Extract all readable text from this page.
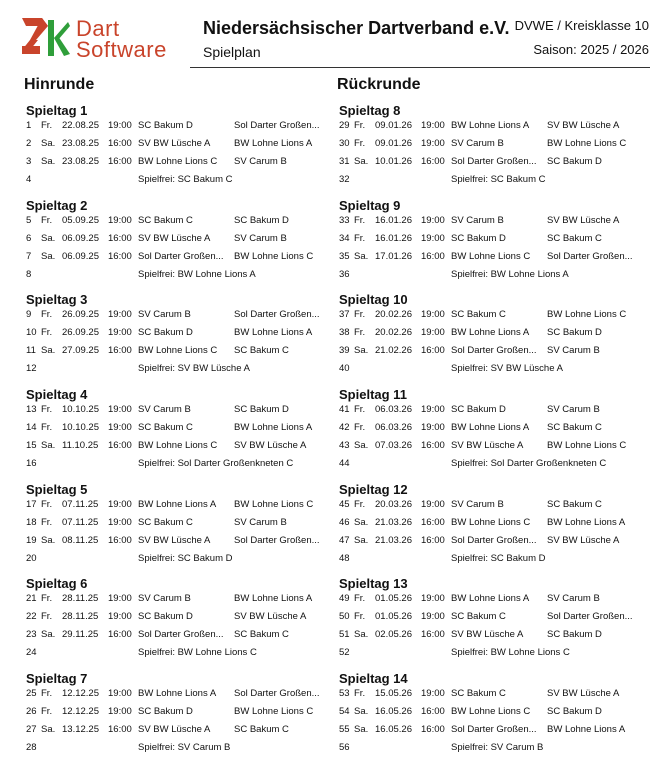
Dart
Software
Niedersächsischer Dartverband e.V.
Spielplan
DVWE / Kreisklasse 10
Saison: 2025 / 2026
Hinrunde	Rückrunde
Spieltag 1
1	Fr.	22.08.25 19:00 SC Bakum D	Sol Darter Großen...
2	Sa. 23.08.25 16:00 SV BW Lüsche A	BW Lohne Lions A
3	Sa. 23.08.25 16:00 BW Lohne Lions C	SV Carum B
4	Spielfrei: SC Bakum C
Spieltag 2
5	Fr.	05.09.25 19:00 SC Bakum C	SC Bakum D
6	Sa. 06.09.25 16:00 SV BW Lüsche A	SV Carum B
7	Sa. 06.09.25 16:00 Sol Darter Großen...	BW Lohne Lions C
8	Spielfrei: BW Lohne Lions A
Spieltag 3
9	Fr.	26.09.25 19:00 SV Carum B	Sol Darter Großen...
10 Fr.	26.09.25 19:00 SC Bakum D	BW Lohne Lions A
11 Sa. 27.09.25 16:00 BW Lohne Lions C	SC Bakum C
12	Spielfrei: SV BW Lüsche A
Spieltag 4
13 Fr.	10.10.25 19:00 SV Carum B	SC Bakum D
14 Fr.	10.10.25 19:00 SC Bakum C	BW Lohne Lions A
15 Sa. 11.10.25	16:00 BW Lohne Lions C	SV BW Lüsche A
16	Spielfrei: Sol Darter Großenkneten C
Spieltag 5
17 Fr.	07.11.25	19:00 BW Lohne Lions A	BW Lohne Lions C
18 Fr.	07.11.25	19:00 SC Bakum C	SV Carum B
19 Sa. 08.11.25	16:00 SV BW Lüsche A	Sol Darter Großen...
20	Spielfrei: SC Bakum D
Spieltag 6
21 Fr.	28.11.25	19:00 SV Carum B	BW Lohne Lions A
22 Fr.	28.11.25	19:00 SC Bakum D	SV BW Lüsche A
23 Sa. 29.11.25	16:00 Sol Darter Großen...	SC Bakum C
24	Spielfrei: BW Lohne Lions C
Spieltag 7
25 Fr.	12.12.25 19:00 BW Lohne Lions A	Sol Darter Großen...
26 Fr.	12.12.25 19:00 SC Bakum D	BW Lohne Lions C
27 Sa. 13.12.25 16:00 SV BW Lüsche A	SC Bakum C
28	Spielfrei: SV Carum B
Spieltag 8
29 Fr.	09.01.26 19:00 BW Lohne Lions A	SV BW Lüsche A
30 Fr.	09.01.26 19:00 SV Carum B	BW Lohne Lions C
31 Sa. 10.01.26 16:00 Sol Darter Großen...	SC Bakum D
32	Spielfrei: SC Bakum C
Spieltag 9
33 Fr.	16.01.26 19:00 SV Carum B	SV BW Lüsche A
34 Fr.	16.01.26 19:00 SC Bakum D	SC Bakum C
35 Sa. 17.01.26 16:00 BW Lohne Lions C	Sol Darter Großen...
36	Spielfrei: BW Lohne Lions A
Spieltag 10
37 Fr.	20.02.26 19:00 SC Bakum C	BW Lohne Lions C
38 Fr.	20.02.26 19:00 BW Lohne Lions A	SC Bakum D
39 Sa. 21.02.26 16:00 Sol Darter Großen...	SV Carum B
40	Spielfrei: SV BW Lüsche A
Spieltag 11
41 Fr.	06.03.26 19:00 SC Bakum D	SV Carum B
42 Fr.	06.03.26 19:00 BW Lohne Lions A	SC Bakum C
43 Sa. 07.03.26 16:00 SV BW Lüsche A	BW Lohne Lions C
44	Spielfrei: Sol Darter Großenkneten C
Spieltag 12
45 Fr.	20.03.26 19:00 SV Carum B	SC Bakum C
46 Sa. 21.03.26 16:00 BW Lohne Lions C	BW Lohne Lions A
47 Sa. 21.03.26 16:00 Sol Darter Großen...	SV BW Lüsche A
48	Spielfrei: SC Bakum D
Spieltag 13
49 Fr.	01.05.26 19:00 BW Lohne Lions A	SV Carum B
50 Fr.	01.05.26 19:00 SC Bakum C	Sol Darter Großen...
51 Sa. 02.05.26 16:00 SV BW Lüsche A	SC Bakum D
52	Spielfrei: BW Lohne Lions C
Spieltag 14
53 Fr.	15.05.26 19:00 SC Bakum C	SV BW Lüsche A
54 Sa. 16.05.26 16:00 BW Lohne Lions C	SC Bakum D
55 Sa. 16.05.26 16:00 Sol Darter Großen...	BW Lohne Lions A
56	Spielfrei: SV Carum B
